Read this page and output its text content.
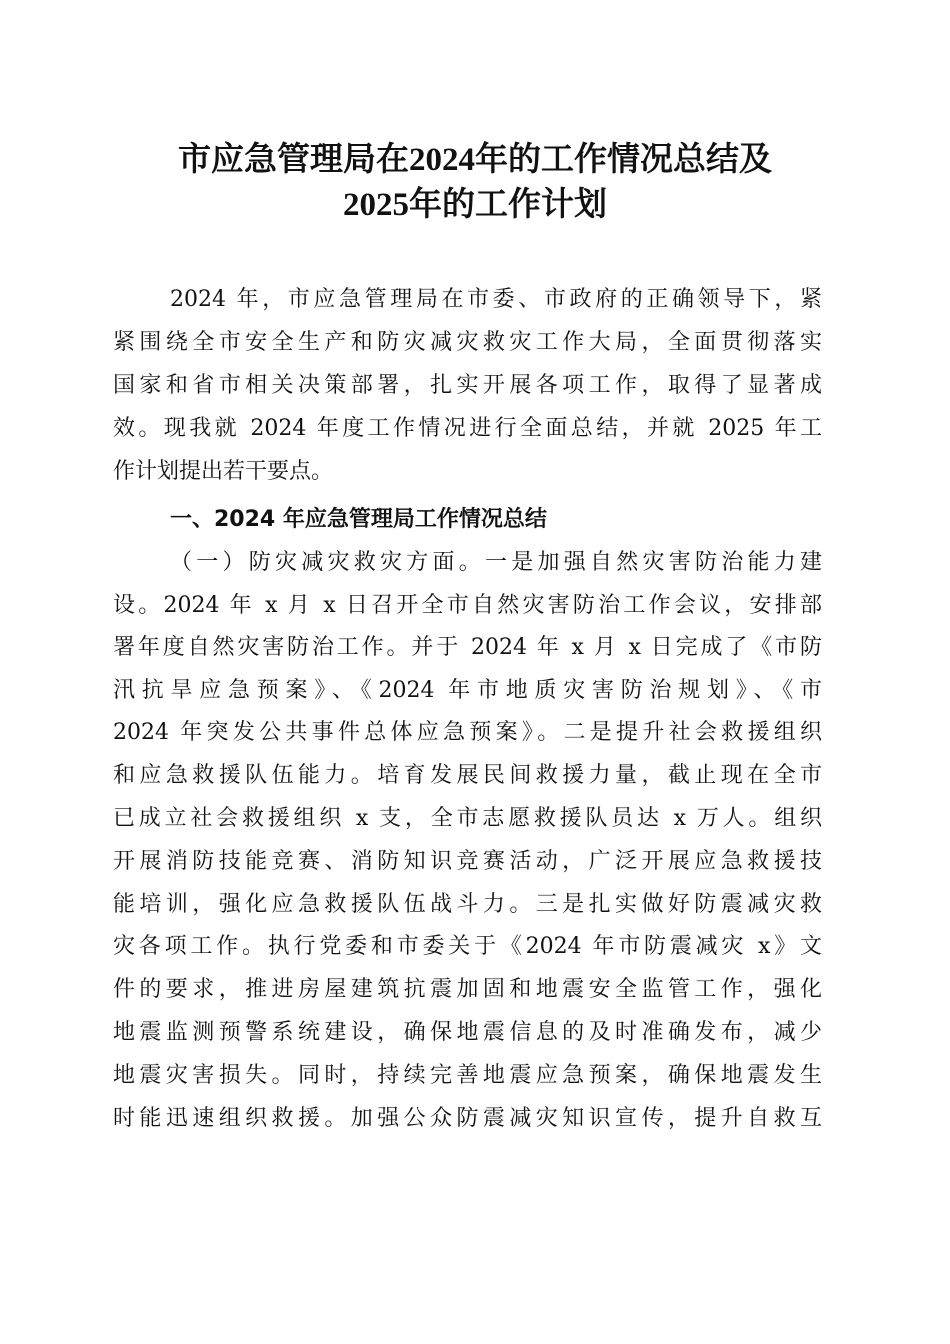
市应急管理局在2024年的工作情况总结及
2025年的工作计划
2024 年，市应急管理局在市委、市政府的正确领导下，紧
紧围绕全市安全生产和防灾减灾救灾工作大局，全面贯彻落实
国家和省市相关决策部署，扎实开展各项工作，取得了显著成
效。现我就 2024 年度工作情况进行全面总结，并就 2025 年工
作计划提出若干要点。
一、2024 年应急管理局工作情况总结
（一）防灾减灾救灾方面。一是加强自然灾害防治能力建
设。2024 年 x 月 x 日召开全市自然灾害防治工作会议，安排部
署年度自然灾害防治工作。并于 2024 年 x 月 x 日完成了《市防
汛抗旱应急预案》、《2024 年市地质灾害防治规划》、《市
2024 年突发公共事件总体应急预案》。二是提升社会救援组织
和应急救援队伍能力。培育发展民间救援力量，截止现在全市
已成立社会救援组织 x 支，全市志愿救援队员达 x 万人。组织
开展消防技能竞赛、消防知识竞赛活动，广泛开展应急救援技
能培训，强化应急救援队伍战斗力。三是扎实做好防震减灾救
灾各项工作。执行党委和市委关于《2024 年市防震减灾 x》文
件的要求，推进房屋建筑抗震加固和地震安全监管工作，强化
地震监测预警系统建设，确保地震信息的及时准确发布，减少
地震灾害损失。同时，持续完善地震应急预案，确保地震发生
时能迅速组织救援。加强公众防震减灾知识宣传，提升自救互
